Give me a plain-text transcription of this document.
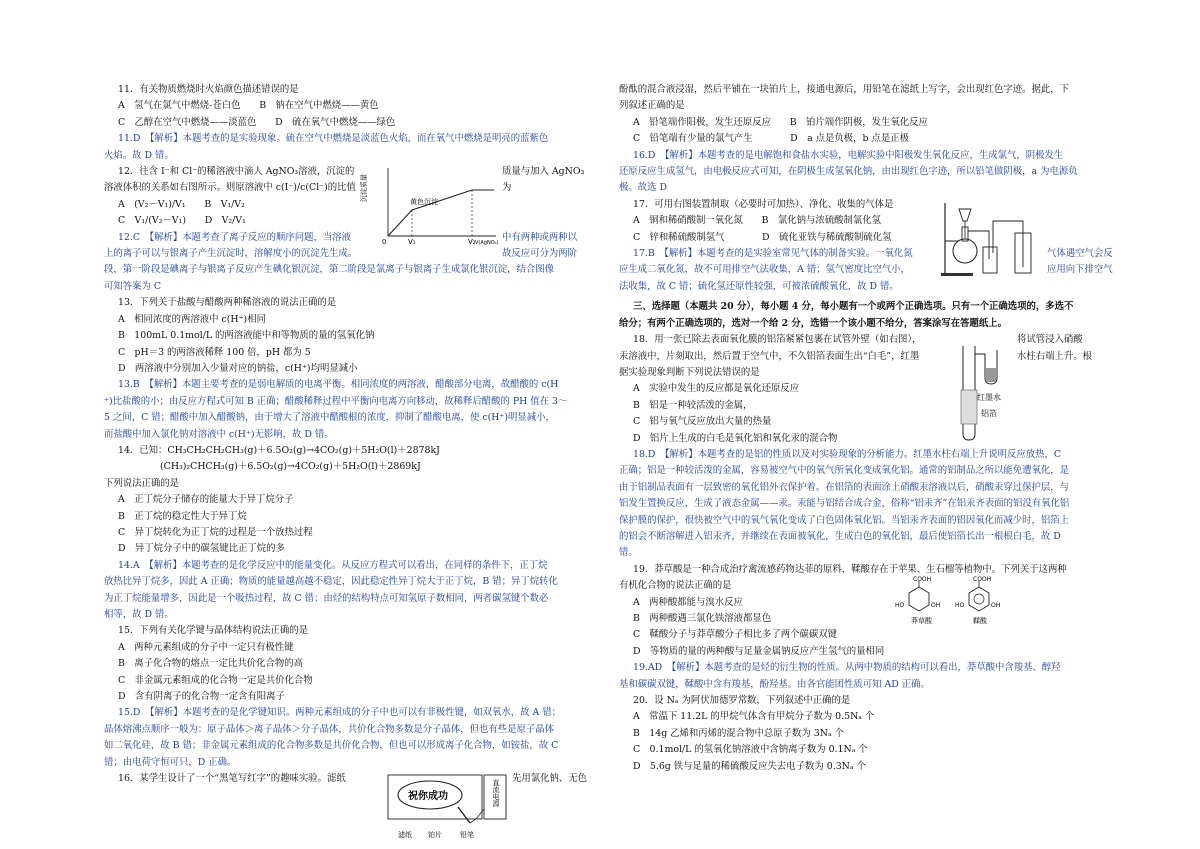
11．有关物质燃烧时火焰颜色描述错误的是
A　氢气在氯气中燃烧-苍白色　　B　钠在空气中燃烧——黄色
C　乙醇在空气中燃烧——淡蓝色　　D　硫在氧气中燃烧——绿色
11.D　【解析】本题考查的是实验现象。硫在空气中燃烧是淡蓝色火焰，而在氧气中燃烧是明亮的蓝紫色
火焰。故 D 错。
12．往含 I⁻和 Cl⁻的稀溶液中滴人 AgNO₃溶液，沉淀的
溶液体积的关系如右图所示。则原溶液中 c(I⁻)/c(Cl⁻)的比值
A　(V₂－V₁)/V₁　　B　V₁/V₂
C　V₁/(V₂－V₁)　　D　V₂/V₁
12.C　【解析】本题考查了离子反应的顺序问题，当溶液
上的离子可以与银离子产生沉淀时，溶解度小的沉淀先生成。
沉淀质量	黄色沉淀
0	V₁	V₂ V(AgNO₃)
质量与加入 AgNO₃
为

中有两种或两种以
故反应可分为两阶
段，第一阶段是碘离子与银离子反应产生碘化银沉淀，第二阶段是氯离子与银离子生成氯化银沉淀，结合图像
可知答案为 C
13．下列关于盐酸与醋酸两种稀溶液的说法正确的是
A　相同浓度的两溶液中 c(H⁺)相同
B　100mL 0.1mol/L 的两溶液能中和等物质的量的氢氧化钠
C　pH＝3 的两溶液稀释 100 倍，pH 都为 5
D　两溶液中分别加入少量对应的钠盐，c(H⁺)均明显减小
13.B　【解析】本题主要考查的是弱电解质的电离平衡。相同浓度的两溶液，醋酸部分电离，故醋酸的 c(H
⁺)比盐酸的小；由反应方程式可知 B 正确；醋酸稀释过程中平衡向电离方向移动，故稀释后醋酸的 PH 值在 3～
5 之间，C 错；醋酸中加入醋酸钠，由于增大了溶液中醋酸根的浓度，抑制了醋酸电离，使 c(H⁺)明显减小，
而盐酸中加入氯化钠对溶液中 c(H⁺)无影响，故 D 错。
14．已知：CH₃CH₂CH₂CH₃(g)＋6.5O₂(g)→4CO₂(g)＋5H₂O(l)＋2878kJ
(CH₃)₂CHCH₃(g)＋6.5O₂(g)→4CO₂(g)＋5H₂O(l)＋2869kJ
下列说法正确的是
A　正丁烷分子储存的能量大于异丁烷分子
B　正丁烷的稳定性大于异丁烷
C　异丁烷转化为正丁烷的过程是一个放热过程
D　异丁烷分子中的碳氢键比正丁烷的多
14.A　【解析】本题考查的是化学反应中的能量变化。从反应方程式可以看出，在同样的条件下，正丁烷
放热比异丁烷多，因此 A 正确；物质的能量越高越不稳定，因此稳定性异丁烷大于正丁烷，B 错；异丁烷转化
为正丁烷能量增多，因此是一个吸热过程，故 C 错；由烃的结构特点可知氢原子数相同，两者碳氢键个数必
相等，故 D 错。
15．下列有关化学键与晶体结构说法正确的是
A　两种元素组成的分子中一定只有极性键
B　离子化合物的熔点一定比共价化合物的高
C　非金属元素组成的化合物一定是共价化合物
D　含有阴离子的化合物一定含有阳离子
15.D　【解析】本题考查的是化学键知识。两种元素组成的分子中也可以有非极性键，如双氧水，故 A 错；
晶体熔沸点顺序一般为：原子晶体＞离子晶体＞分子晶体，共价化合物多数是分子晶体，但也有些是原子晶体
如二氧化硅，故 B 错；非金属元素组成的化合物多数是共价化合物，但也可以形成离子化合物，如铵盐，故 C
错；由电荷守恒可只，D 正确。
16．某学生设计了一个“黑笔写红字”的趣味实验。滤纸
祝你成功	直流电源
滤纸 铂片	铅笔
先用氯化钠、无色
酚酞的混合液浸湿，然后平铺在一块铂片上，接通电源后，用铅笔在滤纸上写字，会出现红色字迹。据此，下
列叙述正确的是
A　铅笔端作阳极，发生还原反应　　B　铂片端作阴极，发生氧化反应
C　铅笔端有少量的氯气产生　　　　D　a 点是负极，b 点是正极
16.D　【解析】本题考查的是电解饱和食盐水实验，电解实验中阳极发生氧化反应，生成氯气，阴极发生
还原反应生成氢气，由电极反应式可知，在阴极生成氢氧化钠，由出现红色字迹，所以铅笔做阴极，a 为电源负
极。故选 D
17．可用右图装置制取（必要时可加热）、净化、收集的气体是
A　铜和稀硝酸制一氧化氮　　B　氯化钠与浓硫酸制氯化氢
C　锌和稀硫酸制氢气　　　　D　硫化亚铁与稀硫酸制硫化氢
17.B　【解析】本题考查的是实验室常见气体的制备实验。一氧化氮
应生成二氧化氮，故不可用排空气法收集，A 错；氢气密度比空气小，

气体遇空气会反
应用向下排空气
法收集，故 C 错；硫化氢还原性较强，可被浓硫酸氧化，故 D 错。
三、选择题（本题共 20 分），每小题 4 分，每小题有一个或两个正确选项。只有一个正确选项的，多选不
给分；有两个正确选项的，选对一个给 2 分，选错一个该小题不给分，答案涂写在答题纸上。
18．用一张已除去表面氧化膜的铝箔紧紧包裹在试管外壁（如右图），
汞溶液中，片刻取出，然后置于空气中，不久铝箔表面生出“白毛”，红墨
据实验现象判断下列说法错误的是
A　实验中发生的反应都是氧化还原反应
B　铝是一种较活泼的金属，
C　铝与氧气反应放出大量的热量
D　铝片上生成的白毛是氧化铝和氧化汞的混合物
红墨水
铝箔
将试管浸入硝酸
水柱右端上升。根
18.D　【解析】本题考查的是铝的性质以及对实验现象的分析能力。红墨水柱右端上升说明反应放热，C
正确；铝是一种较活泼的金属，容易被空气中的氧气所氧化变成氧化铝。通常的铝制品之所以能免遭氧化，是
由于铝制品表面有一层致密的氧化铝外衣保护着。在铝箔的表面涂上硝酸汞溶液以后，硝酸汞穿过保护层，与
铝发生置换反应，生成了液态金属——汞。汞能与铝结合成合金，俗称“铝汞齐”在铝汞齐表面的铝没有氧化铝
保护膜的保护，很快被空气中的氧气氧化变成了白色固体氧化铝。当铝汞齐表面的铝因氧化而减少时，铝箔上
的铝会不断溶解进入铝汞齐，并继续在表面被氧化，生成白色的氧化铝，最后使铝箔长出一根根白毛，故 D
错。
19．莽草酸是一种合成治疗禽流感药物达菲的原料，鞣酸存在于苹果、生石榴等植物中。下列关于这两种
有机化合物的说法正确的是
A　两种酸都能与溴水反应
B　两种酸遇三氯化铁溶液都显色
C　鞣酸分子与莽草酸分子相比多了两个碳碳双键
COOH
HO	OH
莽草酸
COOH
HO	OH
鞣酸
D　等物质的量的两种酸与足量金属钠反应产生氢气的量相同
19.AD　【解析】本题考查的是烃的衍生物的性质。从两中物质的结构可以看出，莽草酸中含羧基、醇羟
基和碳碳双键，鞣酸中含有羧基，酚羟基。由各官能团性质可知 AD 正确。
20．设 Nₐ 为阿伏加德罗常数，下列叙述中正确的是
A　常温下 11.2L 的甲烷气体含有甲烷分子数为 0.5Nₐ 个
B　14g 乙烯和丙烯的混合物中总原子数为 3Nₐ 个
C　0.1mol/L 的氢氧化钠溶液中含钠离子数为 0.1Nₐ 个
D　5.6g 铁与足量的稀硫酸反应失去电子数为 0.3Nₐ 个
